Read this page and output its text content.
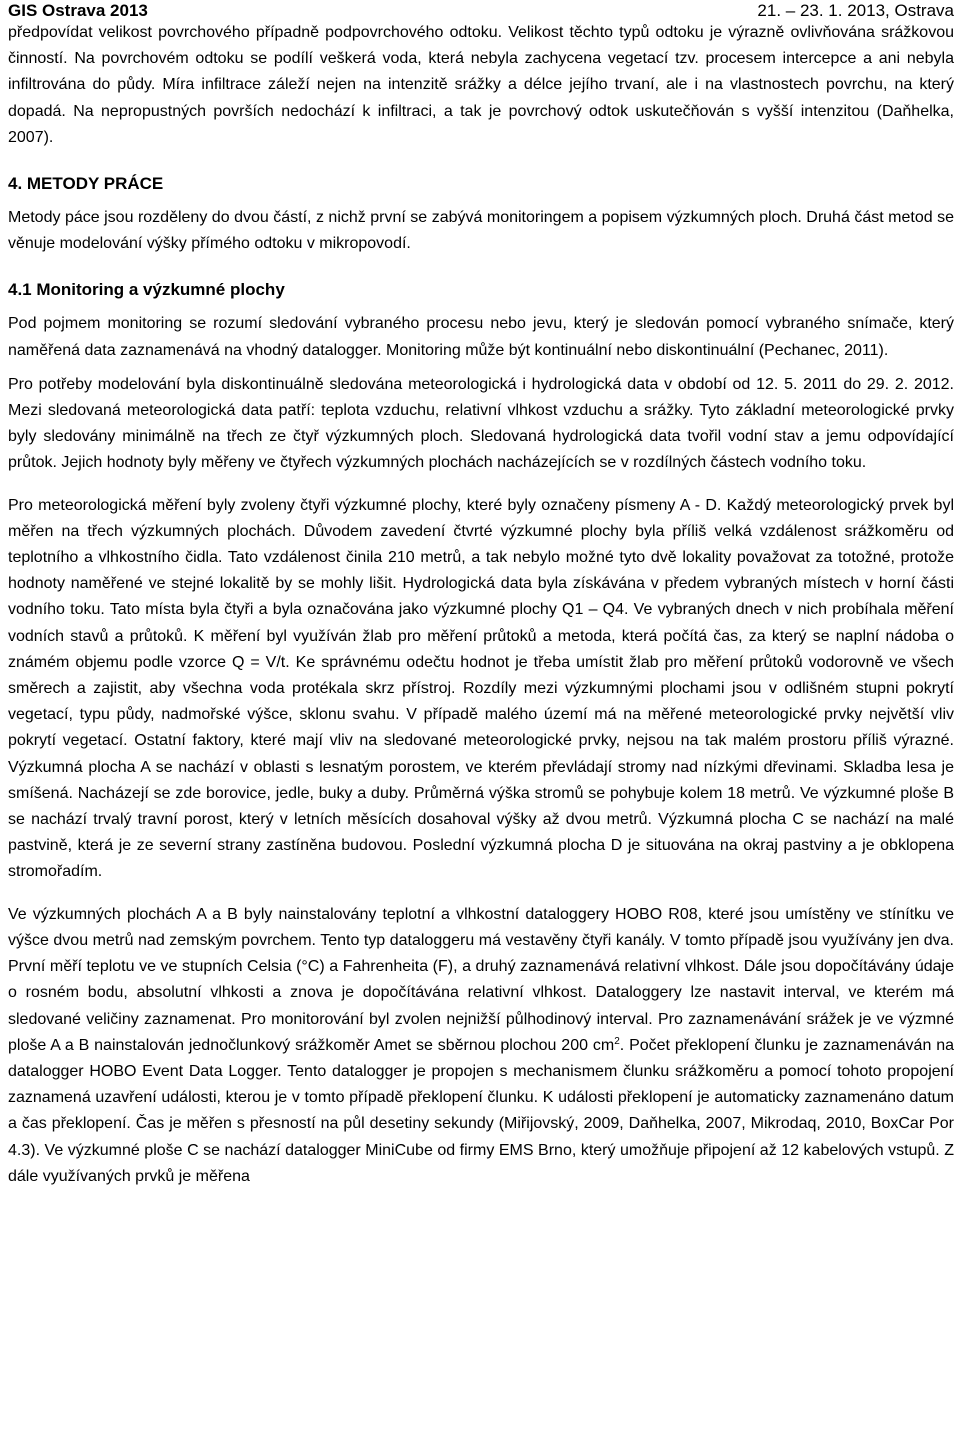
GIS Ostrava 2013	21. – 23. 1. 2013, Ostrava

předpovídat velikost povrchového případně podpovrchového odtoku. Velikost těchto typů odtoku je výrazně ovlivňována srážkovou činností. Na povrchovém odtoku se podílí veškerá voda, která nebyla zachycena vegetací tzv. procesem intercepce a ani nebyla infiltrována do půdy. Míra infiltrace záleží nejen na intenzitě srážky a délce jejího trvaní, ale i na vlastnostech povrchu, na který dopadá. Na nepropustných površích nedochází k infiltraci, a tak je povrchový odtok uskutečňován s vyšší intenzitou (Daňhelka, 2007).

4. METODY PRÁCE

Metody páce jsou rozděleny do dvou částí, z nichž první se zabývá monitoringem a popisem výzkumných ploch. Druhá část metod se věnuje modelování výšky přímého odtoku v mikropovodí.

4.1 Monitoring a výzkumné plochy

Pod pojmem monitoring se rozumí sledování vybraného procesu nebo jevu, který je sledován pomocí vybraného snímače, který naměřená data zaznamenává na vhodný datalogger. Monitoring může být kontinuální nebo diskontinuální (Pechanec, 2011).

Pro potřeby modelování byla diskontinuálně sledována meteorologická i hydrologická data v období od 12. 5. 2011 do 29. 2. 2012. Mezi sledovaná meteorologická data patří: teplota vzduchu, relativní vlhkost vzduchu a srážky. Tyto základní meteorologické prvky byly sledovány minimálně na třech ze čtyř výzkumných ploch. Sledovaná hydrologická data tvořil vodní stav a jemu odpovídající průtok. Jejich hodnoty byly měřeny ve čtyřech výzkumných plochách nacházejících se v rozdílných částech vodního toku.

Pro meteorologická měření byly zvoleny čtyři výzkumné plochy, které byly označeny písmeny A - D. Každý meteorologický prvek byl měřen na třech výzkumných plochách. Důvodem zavedení čtvrté výzkumné plochy byla příliš velká vzdálenost srážkoměru od teplotního a vlhkostního čidla. Tato vzdálenost činila 210 metrů, a tak nebylo možné tyto dvě lokality považovat za totožné, protože hodnoty naměřené ve stejné lokalitě by se mohly lišit. Hydrologická data byla získávána v předem vybraných místech v horní části vodního toku. Tato místa byla čtyři a byla označována jako výzkumné plochy Q1 – Q4. Ve vybraných dnech v nich probíhala měření vodních stavů a průtoků. K měření byl využíván žlab pro měření průtoků a metoda, která počítá čas, za který se naplní nádoba o známém objemu podle vzorce Q = V/t. Ke správnému odečtu hodnot je třeba umístit žlab pro měření průtoků vodorovně ve všech směrech a zajistit, aby všechna voda protékala skrz přístroj. Rozdíly mezi výzkumnými plochami jsou v odlišném stupni pokrytí vegetací, typu půdy, nadmořské výšce, sklonu svahu. V případě malého území má na měřené meteorologické prvky největší vliv pokrytí vegetací. Ostatní faktory, které mají vliv na sledované meteorologické prvky, nejsou na tak malém prostoru příliš výrazné. Výzkumná plocha A se nachází v oblasti s lesnatým porostem, ve kterém převládají stromy nad nízkými dřevinami. Skladba lesa je smíšená. Nacházejí se zde borovice, jedle, buky a duby. Průměrná výška stromů se pohybuje kolem 18 metrů. Ve výzkumné ploše B se nachází trvalý travní porost, který v letních měsících dosahoval výšky až dvou metrů. Výzkumná plocha C se nachází na malé pastvině, která je ze severní strany zastíněna budovou. Poslední výzkumná plocha D je situována na okraj pastviny a je obklopena stromořadím.

Ve výzkumných plochách A a B byly nainstalovány teplotní a vlhkostní dataloggery HOBO R08, které jsou umístěny ve stínítku ve výšce dvou metrů nad zemským povrchem. Tento typ dataloggeru má vestavěny čtyři kanály. V tomto případě jsou využívány jen dva. První měří teplotu ve ve stupních Celsia (°C) a Fahrenheita (F), a druhý zaznamenává relativní vlhkost. Dále jsou dopočítávány údaje o rosném bodu, absolutní vlhkosti a znova je dopočítávána relativní vlhkost. Dataloggery lze nastavit interval, ve kterém má sledované veličiny zaznamenat. Pro monitorování byl zvolen nejnižší půlhodinový interval. Pro zaznamenávání srážek je ve výzmné ploše A a B nainstalován jednočlunkový srážkoměr Amet se sběrnou plochou 200 $cm^2$. Počet překlopení člunku je zaznamenáván na datalogger HOBO Event Data Logger. Tento datalogger je propojen s mechanismem člunku srážkoměru a pomocí tohoto propojení zaznamená uzavření události, kterou je v tomto případě překlopení člunku. K události překlopení je automaticky zaznamenáno datum a čas překlopení. Čas je měřen s přesností na půl desetiny sekundy (Miřijovský, 2009, Daňhelka, 2007, Mikrodaq, 2010, BoxCar Por 4.3). Ve výzkumné ploše C se nachází datalogger MiniCube od firmy EMS Brno, který umožňuje připojení až 12 kabelových vstupů. Z dále využívaných prvků je měřena
